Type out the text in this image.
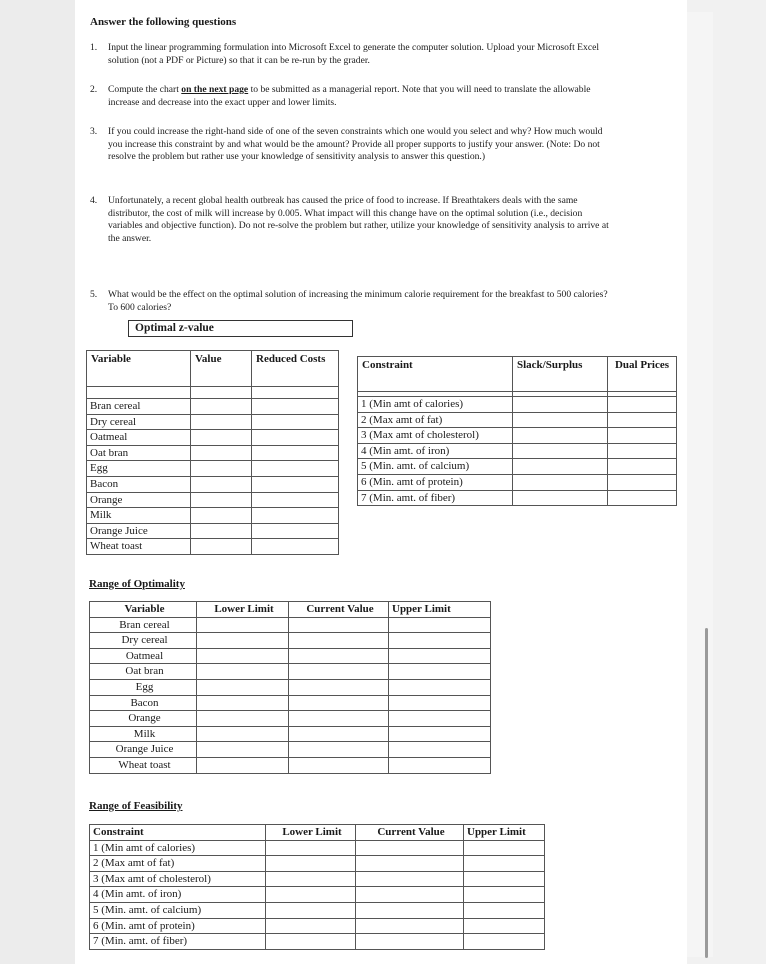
Answer the following questions
1. Input the linear programming formulation into Microsoft Excel to generate the computer solution. Upload your Microsoft Excel solution (not a PDF or Picture) so that it can be re-run by the grader.
2. Compute the chart on the next page to be submitted as a managerial report. Note that you will need to translate the allowable increase and decrease into the exact upper and lower limits.
3. If you could increase the right-hand side of one of the seven constraints which one would you select and why? How much would you increase this constraint by and what would be the amount? Provide all proper supports to justify your answer. (Note: Do not resolve the problem but rather use your knowledge of sensitivity analysis to answer this question.)
4. Unfortunately, a recent global health outbreak has caused the price of food to increase. If Breathtakers deals with the same distributor, the cost of milk will increase by 0.005. What impact will this change have on the optimal solution (i.e., decision variables and objective function). Do not re-solve the problem but rather, utilize your knowledge of sensitivity analysis to arrive at the answer.
5. What would be the effect on the optimal solution of increasing the minimum calorie requirement for the breakfast to 500 calories? To 600 calories?
Optimal z-value
Variable	Value	Reduced Costs

Bran cereal		
Dry cereal		
Oatmeal		
Oat bran		
Egg		
Bacon		
Orange		
Milk		
Orange Juice		
Wheat toast		
Constraint	Slack/Surplus	Dual Prices

1 (Min amt of calories)		
2 (Max amt of fat)		
3 (Max amt of cholesterol)		
4 (Min amt. of iron)		
5 (Min. amt. of calcium)		
6 (Min. amt of protein)		
7 (Min. amt. of fiber)		
Range of Optimality
Variable	Lower Limit	Current Value	Upper Limit
Bran cereal			
Dry cereal			
Oatmeal			
Oat bran			
Egg			
Bacon			
Orange			
Milk			
Orange Juice			
Wheat toast			
Range of Feasibility
Constraint	Lower Limit	Current Value	Upper Limit
1 (Min amt of calories)			
2 (Max amt of fat)			
3 (Max amt of cholesterol)			
4 (Min amt. of iron)			
5 (Min. amt. of calcium)			
6 (Min. amt of protein)			
7 (Min. amt. of fiber)			
